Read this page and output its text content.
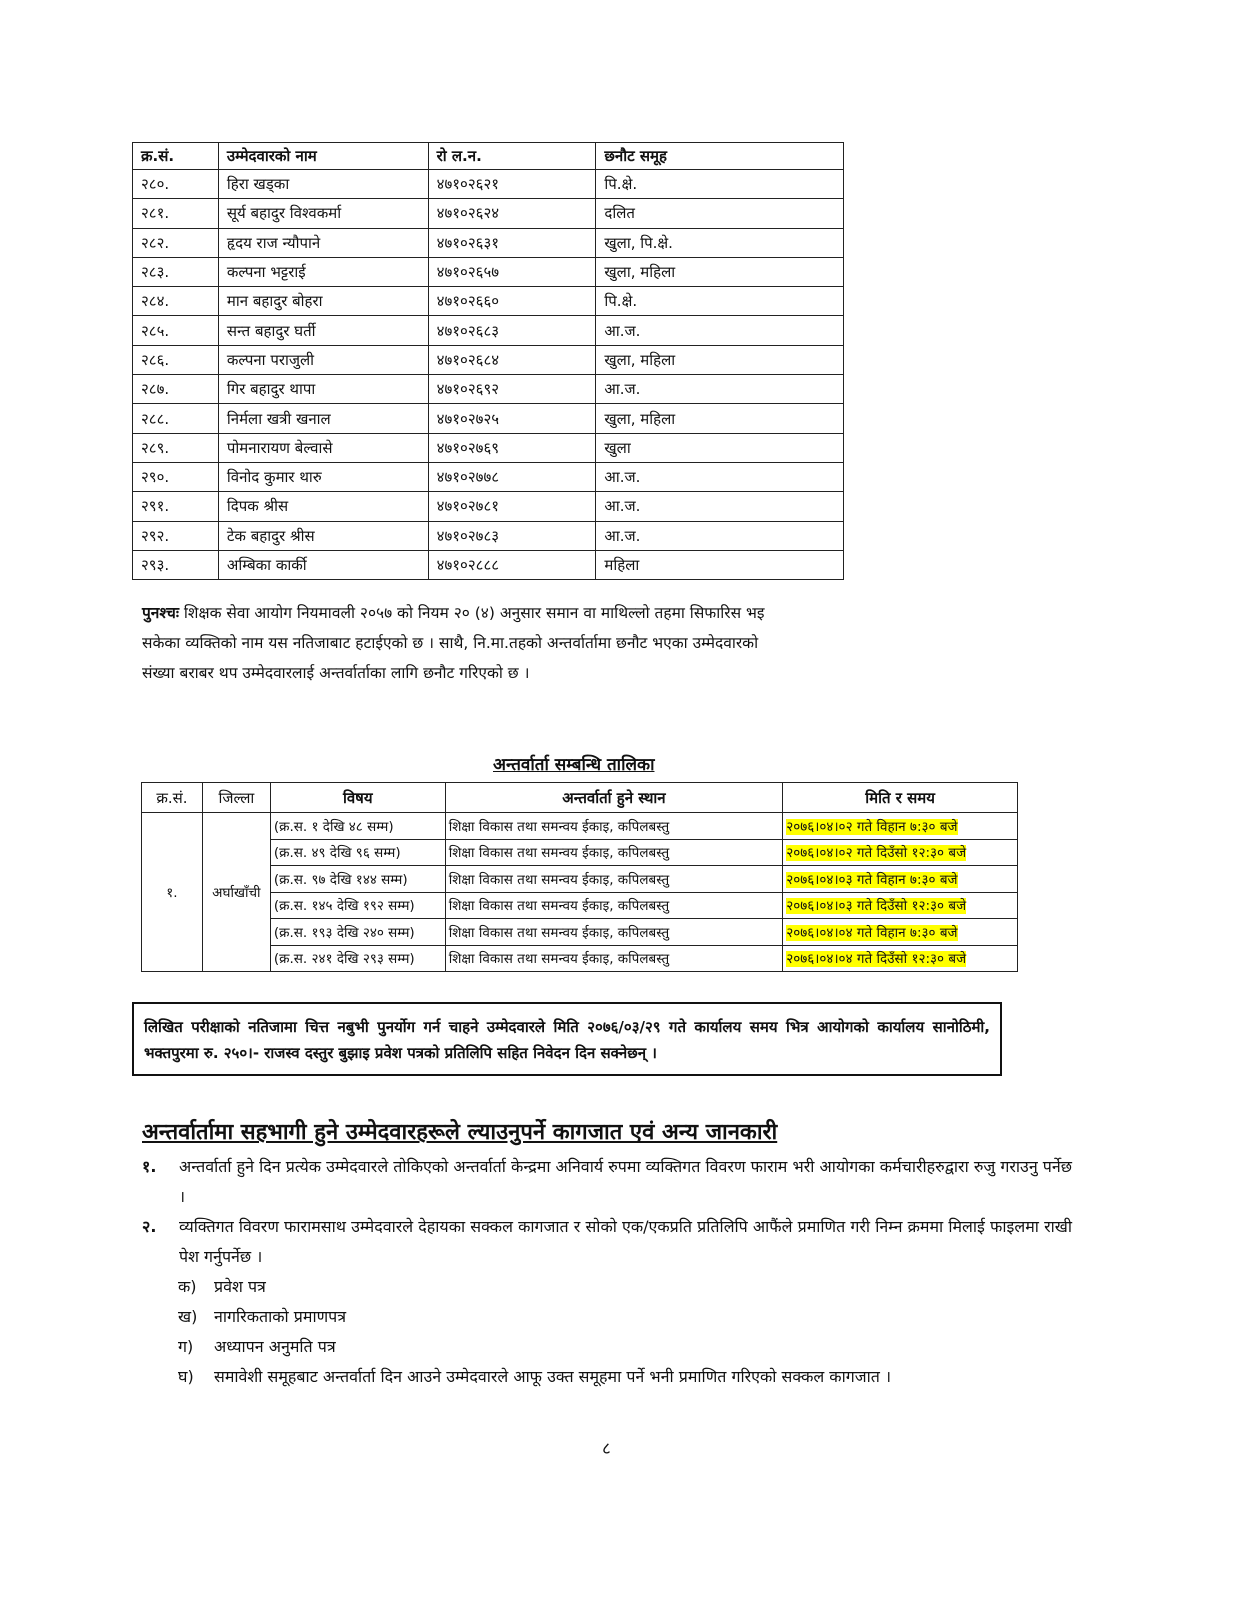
क्र.सं.	उम्मेदवारको नाम	रो ल.न.	छनौट समूह
२८०.	हिरा खड्का	४७१०२६२१	पि.क्षे.
२८१.	सूर्य बहादुर विश्वकर्मा	४७१०२६२४	दलित
२८२.	हृदय राज न्यौपाने	४७१०२६३१	खुला, पि.क्षे.
२८३.	कल्पना भट्टराई	४७१०२६५७	खुला, महिला
२८४.	मान बहादुर बोहरा	४७१०२६६०	पि.क्षे.
२८५.	सन्त बहादुर घर्ती	४७१०२६८३	आ.ज.
२८६.	कल्पना पराजुली	४७१०२६८४	खुला, महिला
२८७.	गिर बहादुर थापा	४७१०२६९२	आ.ज.
२८८.	निर्मला खत्री खनाल	४७१०२७२५	खुला, महिला
२८९.	पोमनारायण बेल्वासे	४७१०२७६९	खुला
२९०.	विनोद कुमार थारु	४७१०२७७८	आ.ज.
२९१.	दिपक श्रीस	४७१०२७८१	आ.ज.
२९२.	टेक बहादुर श्रीस	४७१०२७८३	आ.ज.
२९३.	अम्बिका कार्की	४७१०२८८८	महिला
पुनश्चः शिक्षक सेवा आयोग नियमावली २०५७ को नियम २० (४) अनुसार समान वा माथिल्लो तहमा सिफारिस भइ
सकेका व्यक्तिको नाम यस नतिजाबाट हटाईएको छ । साथै, नि.मा.तहको अन्तर्वार्तामा छनौट भएका उम्मेदवारको
संख्या बराबर थप उम्मेदवारलाई अन्तर्वार्ताका लागि छनौट गरिएको छ ।
अन्तर्वार्ता सम्बन्धि तालिका
क्र.सं.	जिल्ला	विषय	अन्तर्वार्ता हुने स्थान	मिति र समय
१.	अर्घाखाँची	(क्र.स. १ देखि ४८ सम्म)	शिक्षा विकास तथा समन्वय ईकाइ, कपिलबस्तु	२०७६।०४।०२ गते विहान ७:३० बजे
		(क्र.स. ४९ देखि ९६ सम्म)	शिक्षा विकास तथा समन्वय ईकाइ, कपिलबस्तु	२०७६।०४।०२ गते दिउँसो १२:३० बजे
		(क्र.स. ९७ देखि १४४ सम्म)	शिक्षा विकास तथा समन्वय ईकाइ, कपिलबस्तु	२०७६।०४।०३ गते विहान ७:३० बजे
		(क्र.स. १४५ देखि १९२ सम्म)	शिक्षा विकास तथा समन्वय ईकाइ, कपिलबस्तु	२०७६।०४।०३ गते दिउँसो १२:३० बजे
		(क्र.स. १९३ देखि २४० सम्म)	शिक्षा विकास तथा समन्वय ईकाइ, कपिलबस्तु	२०७६।०४।०४ गते विहान ७:३० बजे
		(क्र.स. २४१ देखि २९३ सम्म)	शिक्षा विकास तथा समन्वय ईकाइ, कपिलबस्तु	२०७६।०४।०४ गते दिउँसो १२:३० बजे
लिखित परीक्षाको नतिजामा चित्त नबुभी पुनर्योग गर्न चाहने उम्मेदवारले मिति २०७६/०३/२९ गते कार्यालय समय भित्र आयोगको कार्यालय सानोठिमी, भक्तपुरमा रु. २५०।- राजस्व दस्तुर बुझाइ प्रवेश पत्रको प्रतिलिपि सहित निवेदन दिन सक्नेछन् ।
अन्तर्वार्तामा सहभागी हुने उम्मेदवारहरूले ल्याउनुपर्ने कागजात एवं अन्य जानकारी
१. अन्तर्वार्ता हुने दिन प्रत्येक उम्मेदवारले तोकिएको अन्तर्वार्ता केन्द्रमा अनिवार्य रुपमा व्यक्तिगत विवरण फाराम भरी आयोगका कर्मचारीहरुद्वारा रुजु गराउनु पर्नेछ ।
२. व्यक्तिगत विवरण फारामसाथ उम्मेदवारले देहायका सक्कल कागजात र सोको एक/एकप्रति प्रतिलिपि आफैंले प्रमाणित गरी निम्न क्रममा मिलाई फाइलमा राखी पेश गर्नुपर्नेछ ।
क) प्रवेश पत्र
ख) नागरिकताको प्रमाणपत्र
ग) अध्यापन अनुमति पत्र
घ)	समावेशी समूहबाट अन्तर्वार्ता दिन आउने उम्मेदवारले आफू उक्त समूहमा पर्ने भनी प्रमाणित गरिएको सक्कल कागजात ।
८
